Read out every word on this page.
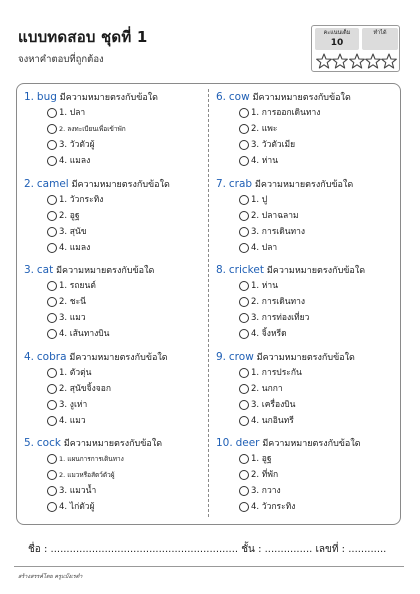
แบบทดสอบ ชุดที่ 1
จงหาคำตอบที่ถูกต้อง
คะแนนเต็ม
10
ทำได้
1. bug มีความหมายตรงกับข้อใด
1. ปลา
2. ลงทะเบียนเพื่อเข้าพัก
3. วัวตัวผู้
4. แมลง
2. camel มีความหมายตรงกับข้อใด
1. วัวกระทิง
2. อูฐ
3. สุนัข
4. แมลง
3. cat มีความหมายตรงกับข้อใด
1. รถยนต์
2. ชะนี
3. แมว
4. เส้นทางบิน
4. cobra มีความหมายตรงกับข้อใด
1. ตัวตุ่น
2. สุนัขจิ้งจอก
3. งูเห่า
4. แมว
5. cock มีความหมายตรงกับข้อใด
1. แผนการการเดินทาง
2. แมวหรือสัตว์ตัวผู้
3. แมวน้ำ
4. ไก่ตัวผู้
6. cow มีความหมายตรงกับข้อใด
1. การออกเดินทาง
2. แพะ
3. วัวตัวเมีย
4. ห่าน
7. crab มีความหมายตรงกับข้อใด
1. ปู
2. ปลาฉลาม
3. การเดินทาง
4. ปลา
8. cricket มีความหมายตรงกับข้อใด
1. ห่าน
2. การเดินทาง
3. การท่องเที่ยว
4. จิ้งหรีด
9. crow มีความหมายตรงกับข้อใด
1. การประกัน
2. นกกา
3. เครื่องบิน
4. นกอินทรี
10. deer มีความหมายตรงกับข้อใด
1. อูฐ
2. ที่พัก
3. กวาง
4. วัวกระทิง
ชื่อ : ........................................................... ชั้น : ............... เลขที่ : ............
สร้างสรรค์โดย ครูแบ๊งเรตำ
